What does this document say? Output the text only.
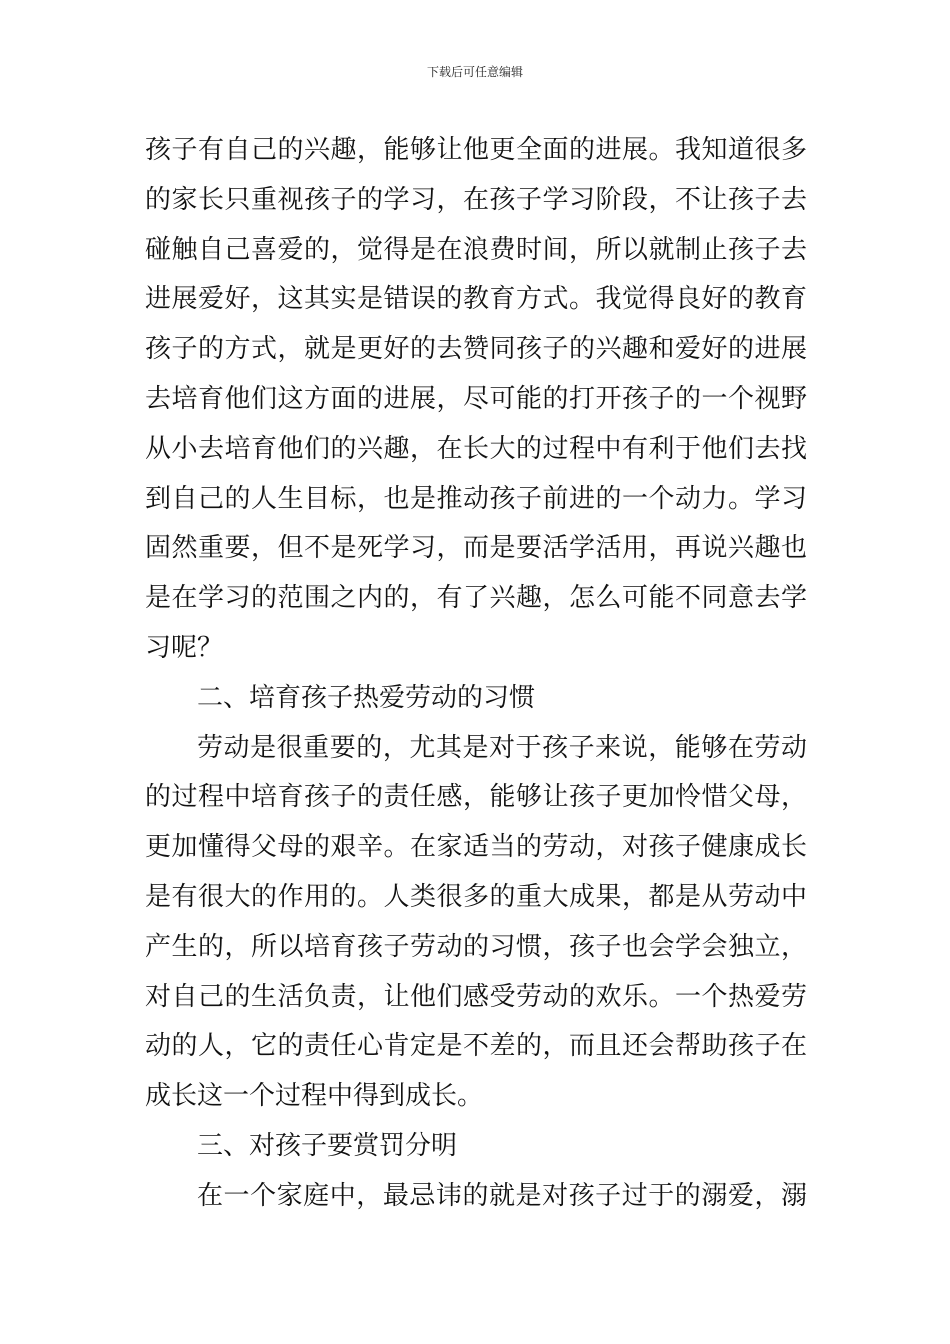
下载后可任意编辑
孩子有自己的兴趣，能够让他更全面的进展。我知道很多
的家长只重视孩子的学习，在孩子学习阶段，不让孩子去
碰触自己喜爱的，觉得是在浪费时间，所以就制止孩子去
进展爱好，这其实是错误的教育方式。我觉得良好的教育
孩子的方式，就是更好的去赞同孩子的兴趣和爱好的进展
去培育他们这方面的进展，尽可能的打开孩子的一个视野
从小去培育他们的兴趣，在长大的过程中有利于他们去找
到自己的人生目标，也是推动孩子前进的一个动力。学习
固然重要，但不是死学习，而是要活学活用，再说兴趣也
是在学习的范围之内的，有了兴趣，怎么可能不同意去学
习呢？
二、培育孩子热爱劳动的习惯
劳动是很重要的，尤其是对于孩子来说，能够在劳动
的过程中培育孩子的责任感，能够让孩子更加怜惜父母，
更加懂得父母的艰辛。在家适当的劳动，对孩子健康成长
是有很大的作用的。人类很多的重大成果，都是从劳动中
产生的，所以培育孩子劳动的习惯，孩子也会学会独立，
对自己的生活负责，让他们感受劳动的欢乐。一个热爱劳
动的人，它的责任心肯定是不差的，而且还会帮助孩子在
成长这一个过程中得到成长。
三、对孩子要赏罚分明
在一个家庭中，最忌讳的就是对孩子过于的溺爱，溺
